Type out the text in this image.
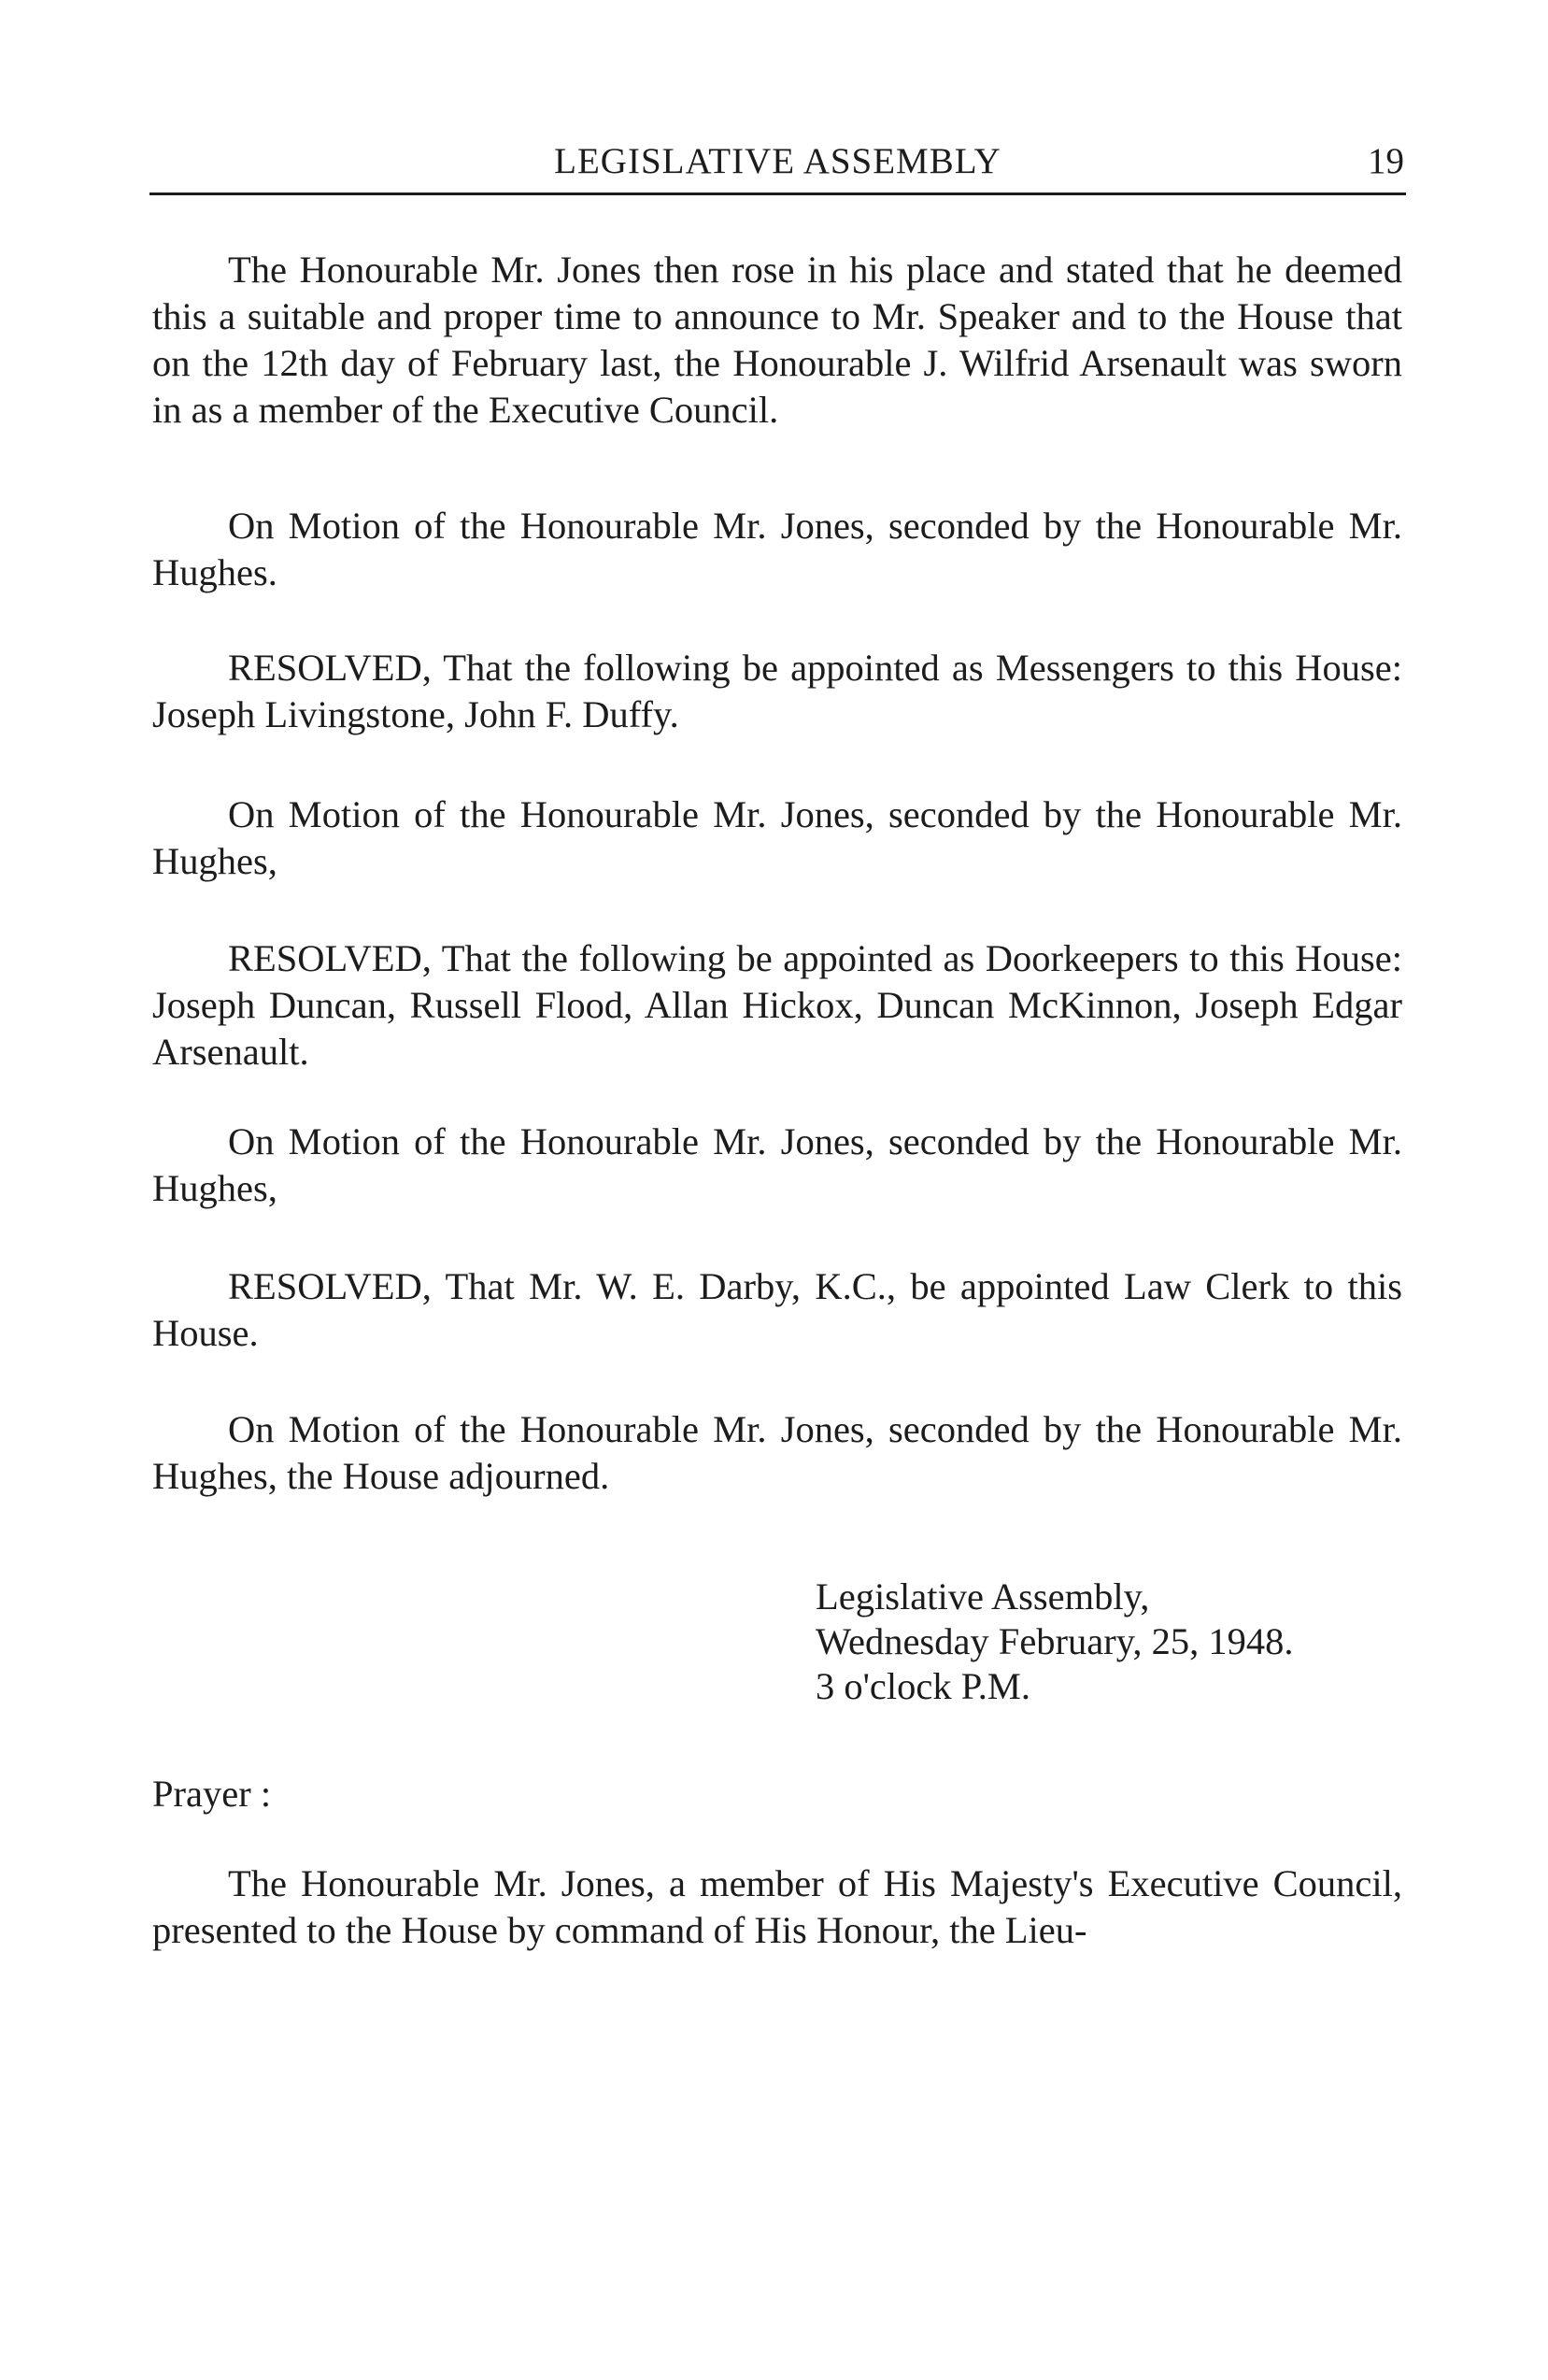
LEGISLATIVE ASSEMBLY	19
The Honourable Mr. Jones then rose in his place and stated that he deemed this a suitable and proper time to announce to Mr. Speaker and to the House that on the 12th day of February last, the Honourable J. Wilfrid Arsenault was sworn in as a member of the Executive Council.
On Motion of the Honourable Mr. Jones, seconded by the Honourable Mr. Hughes.
RESOLVED, That the following be appointed as Messengers to this House: Joseph Livingstone, John F. Duffy.
On Motion of the Honourable Mr. Jones, seconded by the Honourable Mr. Hughes,
RESOLVED, That the following be appointed as Doorkeepers to this House: Joseph Duncan, Russell Flood, Allan Hickox, Duncan McKinnon, Joseph Edgar Arsenault.
On Motion of the Honourable Mr. Jones, seconded by the Honourable Mr. Hughes,
RESOLVED, That Mr. W. E. Darby, K.C., be appointed Law Clerk to this House.
On Motion of the Honourable Mr. Jones, seconded by the Honourable Mr. Hughes, the House adjourned.
Legislative Assembly,
Wednesday February, 25, 1948.
3 o'clock P.M.
Prayer :
The Honourable Mr. Jones, a member of His Majesty's Executive Council, presented to the House by command of His Honour, the Lieu-
